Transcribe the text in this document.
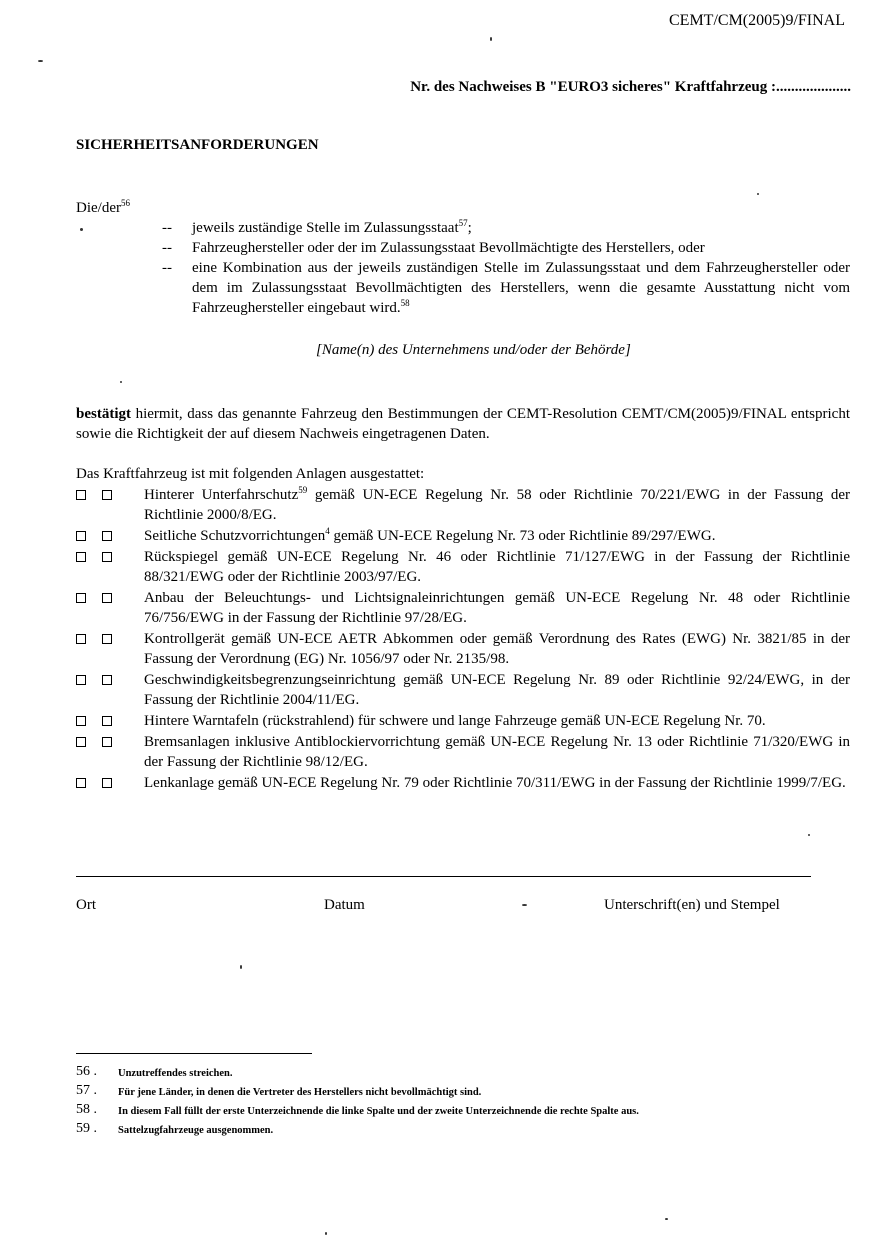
CEMT/CM(2005)9/FINAL
Nr. des Nachweises B "EURO3 sicheres" Kraftfahrzeug :....................
SICHERHEITSANFORDERUNGEN
Die/der$^{56}$
--	jeweils zuständige Stelle im Zulassungsstaat$^{57}$;
--	Fahrzeughersteller oder der im Zulassungsstaat Bevollmächtigte des Herstellers, oder
--	eine Kombination aus der jeweils zuständigen Stelle im Zulassungsstaat und dem Fahrzeughersteller oder dem im Zulassungsstaat Bevollmächtigten des Herstellers, wenn die gesamte Ausstattung nicht vom Fahrzeughersteller eingebaut wird.$^{58}$
[Name(n) des Unternehmens und/oder der Behörde]
bestätigt hiermit, dass das genannte Fahrzeug den Bestimmungen der CEMT-Resolution CEMT/CM(2005)9/FINAL entspricht sowie die Richtigkeit der auf diesem Nachweis eingetragenen Daten.
Das Kraftfahrzeug ist mit folgenden Anlagen ausgestattet:
Hinterer Unterfahrschutz$^{59}$ gemäß UN-ECE Regelung Nr. 58 oder Richtlinie 70/221/EWG in der Fassung der Richtlinie 2000/8/EG.
Seitliche Schutzvorrichtungen$^4$ gemäß UN-ECE Regelung Nr. 73 oder Richtlinie 89/297/EWG.
Rückspiegel gemäß UN-ECE Regelung Nr. 46 oder Richtlinie 71/127/EWG in der Fassung der Richtlinie 88/321/EWG oder der Richtlinie 2003/97/EG.
Anbau der Beleuchtungs- und Lichtsignaleinrichtungen gemäß UN-ECE Regelung Nr. 48 oder Richtlinie 76/756/EWG in der Fassung der Richtlinie 97/28/EG.
Kontrollgerät gemäß UN-ECE AETR Abkommen oder gemäß Verordnung des Rates (EWG) Nr. 3821/85 in der Fassung der Verordnung (EG) Nr. 1056/97 oder Nr. 2135/98.
Geschwindigkeitsbegrenzungseinrichtung gemäß UN-ECE Regelung Nr. 89 oder Richtlinie 92/24/EWG, in der Fassung der Richtlinie 2004/11/EG.
Hintere Warntafeln (rückstrahlend) für schwere und lange Fahrzeuge gemäß UN-ECE Regelung Nr. 70.
Bremsanlagen inklusive Antiblockiervorrichtung gemäß UN-ECE Regelung Nr. 13 oder Richtlinie 71/320/EWG in der Fassung der Richtlinie 98/12/EG.
Lenkanlage gemäß UN-ECE Regelung Nr. 79 oder Richtlinie 70/311/EWG in der Fassung der Richtlinie 1999/7/EG.
Ort	Datum	Unterschrift(en) und Stempel
56 .	Unzutreffendes streichen.
57 .	Für jene Länder, in denen die Vertreter des Herstellers nicht bevollmächtigt sind.
58 .	In diesem Fall füllt der erste Unterzeichnende die linke Spalte und der zweite Unterzeichnende die rechte Spalte aus.
59 .	Sattelzugfahrzeuge ausgenommen.
